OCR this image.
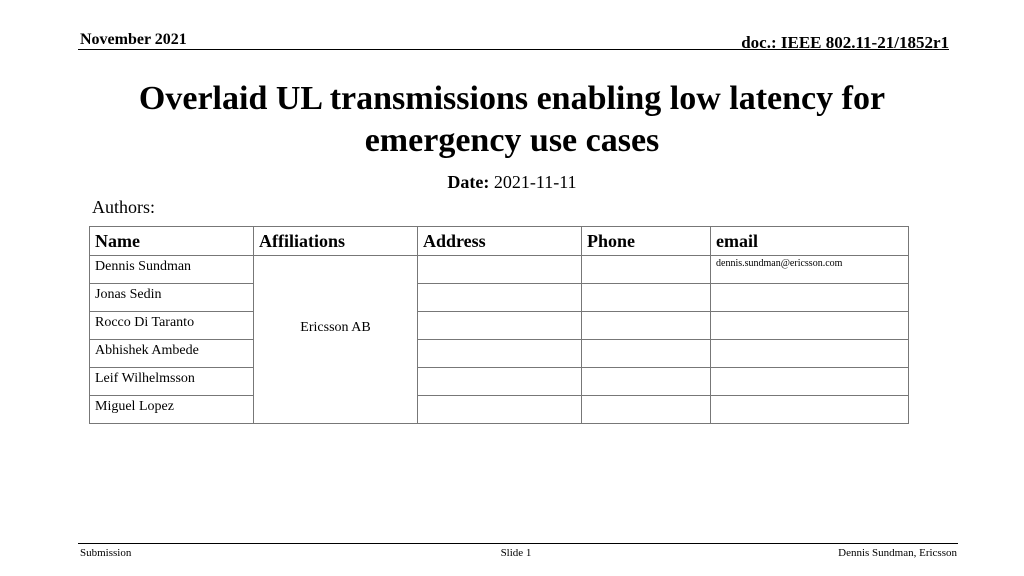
November 2021	doc.: IEEE 802.11-21/1852r1
Overlaid UL transmissions enabling low latency for
emergency use cases
Date: 2021-11-11
Authors:
Name	Affiliations	Address	Phone	email
Dennis Sundman	Ericsson AB			dennis.sundman@ericsson.com
Jonas Sedin				
Rocco Di Taranto				
Abhishek Ambede				
Leif Wilhelmsson				
Miguel Lopez				
Submission	Slide 1	Dennis Sundman, Ericsson
